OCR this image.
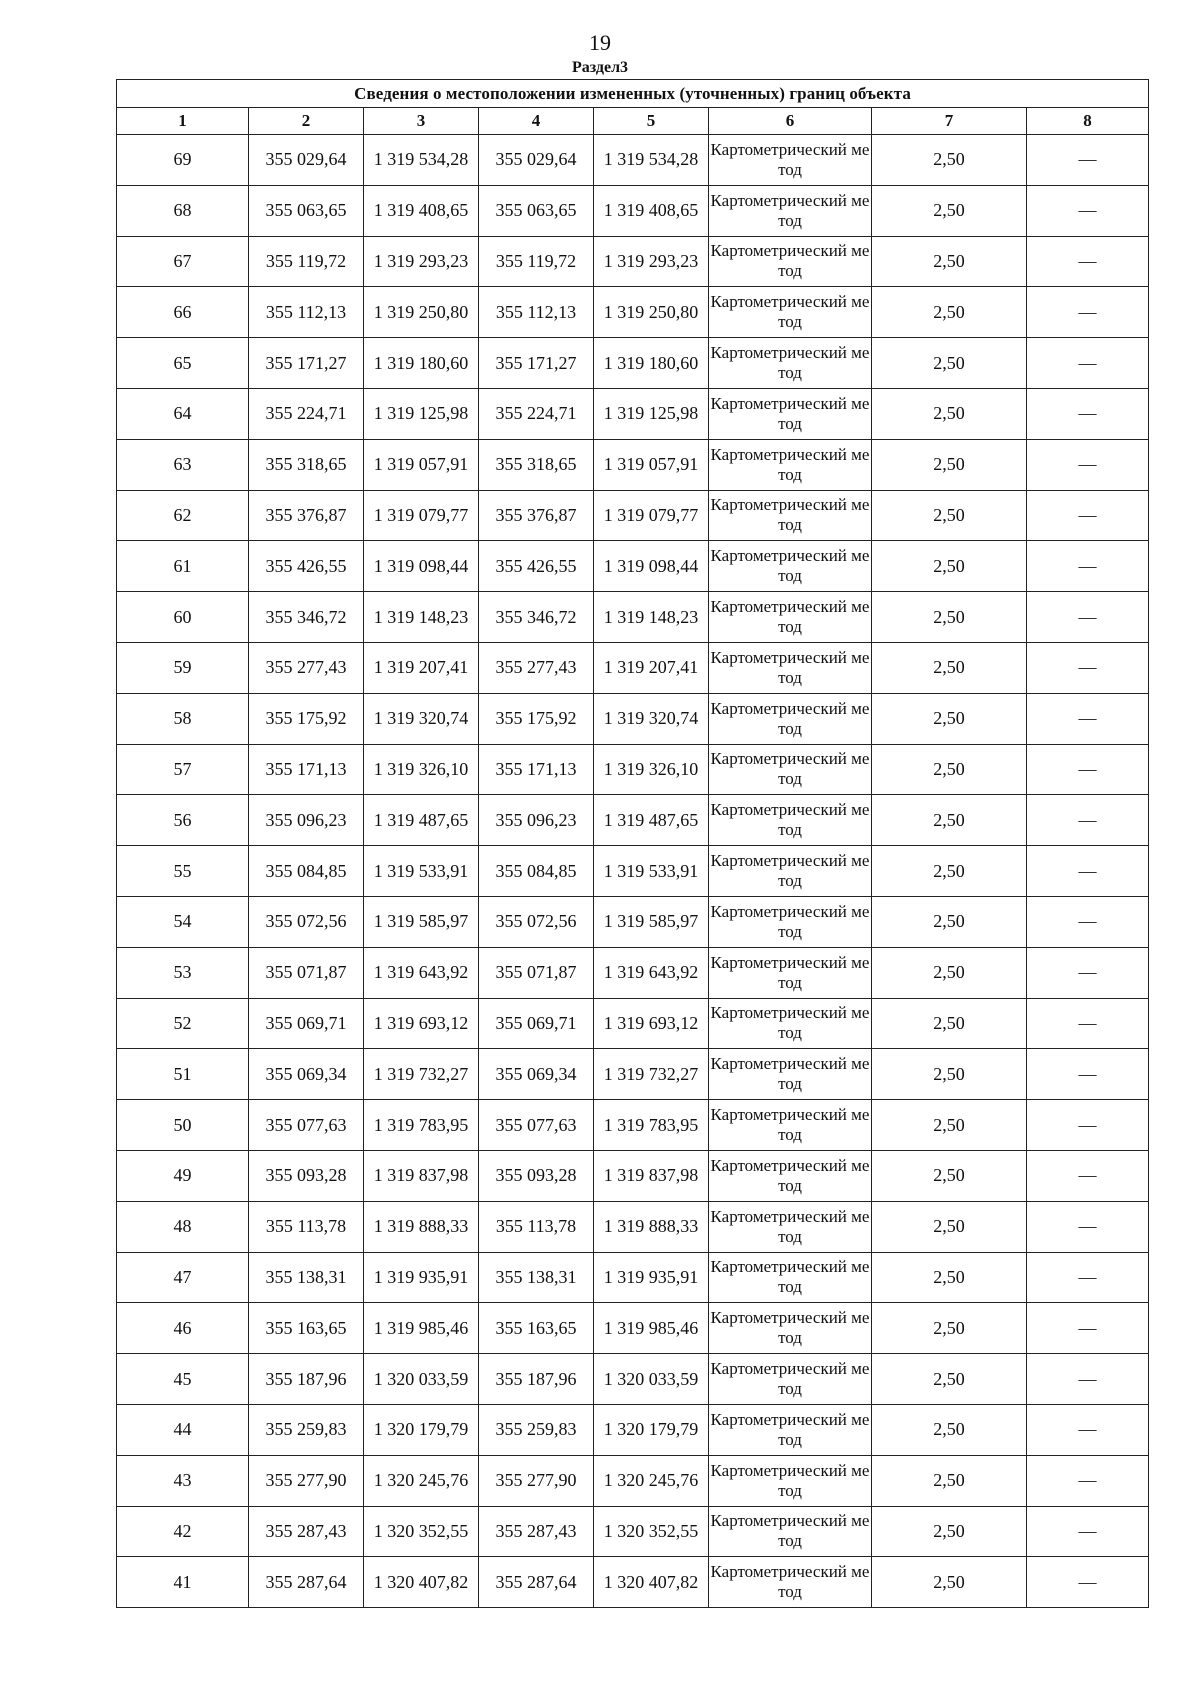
19
Раздел3
Сведения о местоположении измененных (уточненных) границ объекта							
1	2	3	4	5	6	7	8
69	355 029,64	1 319 534,28	355 029,64	1 319 534,28	Картометрический метод	2,50	—
68	355 063,65	1 319 408,65	355 063,65	1 319 408,65	Картометрический метод	2,50	—
67	355 119,72	1 319 293,23	355 119,72	1 319 293,23	Картометрический метод	2,50	—
66	355 112,13	1 319 250,80	355 112,13	1 319 250,80	Картометрический метод	2,50	—
65	355 171,27	1 319 180,60	355 171,27	1 319 180,60	Картометрический метод	2,50	—
64	355 224,71	1 319 125,98	355 224,71	1 319 125,98	Картометрический метод	2,50	—
63	355 318,65	1 319 057,91	355 318,65	1 319 057,91	Картометрический метод	2,50	—
62	355 376,87	1 319 079,77	355 376,87	1 319 079,77	Картометрический метод	2,50	—
61	355 426,55	1 319 098,44	355 426,55	1 319 098,44	Картометрический метод	2,50	—
60	355 346,72	1 319 148,23	355 346,72	1 319 148,23	Картометрический метод	2,50	—
59	355 277,43	1 319 207,41	355 277,43	1 319 207,41	Картометрический метод	2,50	—
58	355 175,92	1 319 320,74	355 175,92	1 319 320,74	Картометрический метод	2,50	—
57	355 171,13	1 319 326,10	355 171,13	1 319 326,10	Картометрический метод	2,50	—
56	355 096,23	1 319 487,65	355 096,23	1 319 487,65	Картометрический метод	2,50	—
55	355 084,85	1 319 533,91	355 084,85	1 319 533,91	Картометрический метод	2,50	—
54	355 072,56	1 319 585,97	355 072,56	1 319 585,97	Картометрический метод	2,50	—
53	355 071,87	1 319 643,92	355 071,87	1 319 643,92	Картометрический метод	2,50	—
52	355 069,71	1 319 693,12	355 069,71	1 319 693,12	Картометрический метод	2,50	—
51	355 069,34	1 319 732,27	355 069,34	1 319 732,27	Картометрический метод	2,50	—
50	355 077,63	1 319 783,95	355 077,63	1 319 783,95	Картометрический метод	2,50	—
49	355 093,28	1 319 837,98	355 093,28	1 319 837,98	Картометрический метод	2,50	—
48	355 113,78	1 319 888,33	355 113,78	1 319 888,33	Картометрический метод	2,50	—
47	355 138,31	1 319 935,91	355 138,31	1 319 935,91	Картометрический метод	2,50	—
46	355 163,65	1 319 985,46	355 163,65	1 319 985,46	Картометрический метод	2,50	—
45	355 187,96	1 320 033,59	355 187,96	1 320 033,59	Картометрический метод	2,50	—
44	355 259,83	1 320 179,79	355 259,83	1 320 179,79	Картометрический метод	2,50	—
43	355 277,90	1 320 245,76	355 277,90	1 320 245,76	Картометрический метод	2,50	—
42	355 287,43	1 320 352,55	355 287,43	1 320 352,55	Картометрический метод	2,50	—
41	355 287,64	1 320 407,82	355 287,64	1 320 407,82	Картометрический метод	2,50	—
